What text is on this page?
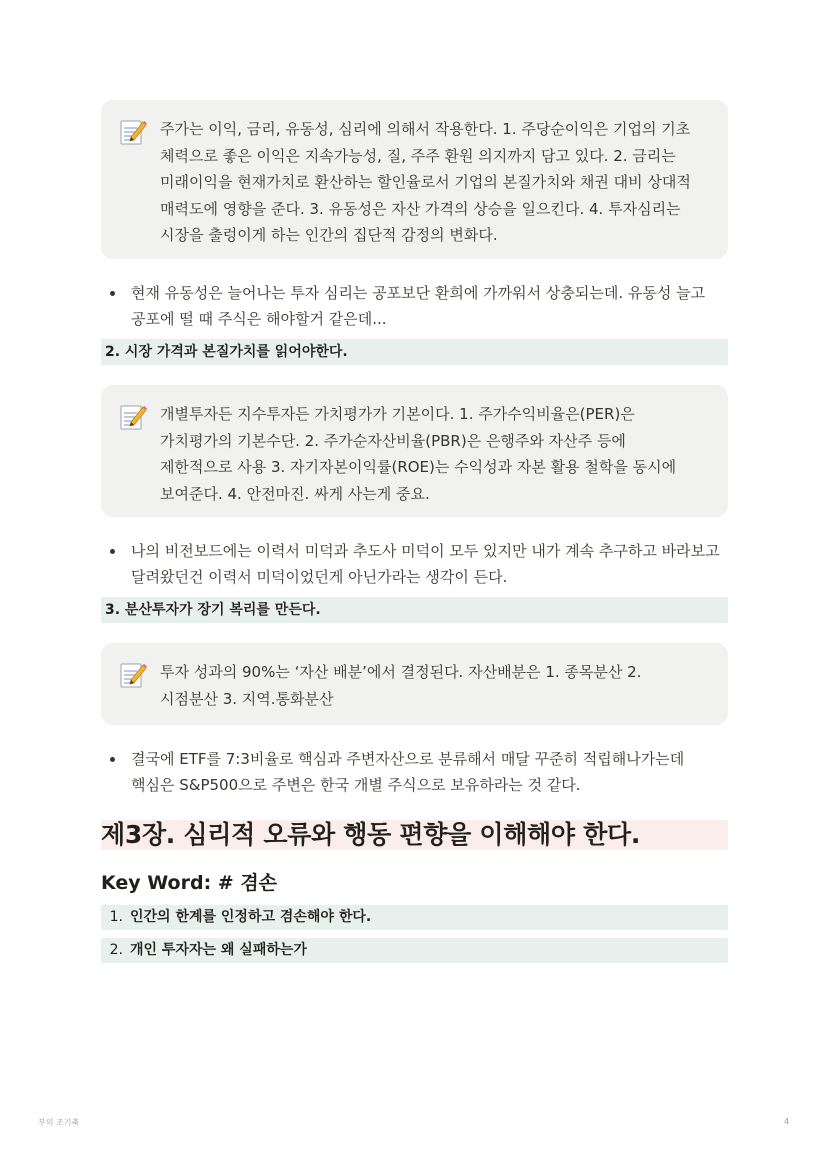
주가는 이익, 금리, 유동성, 심리에 의해서 작용한다. 1. 주당순이익은 기업의 기초 체력으로 좋은 이익은 지속가능성, 질, 주주 환원 의지까지 담고 있다. 2. 금리는 미래이익을 현재가치로 환산하는 할인율로서 기업의 본질가치와 채권 대비 상대적 매력도에 영향을 준다. 3. 유동성은 자산 가격의 상승을 일으킨다. 4. 투자심리는 시장을 출렁이게 하는 인간의 집단적 감정의 변화다.
현재 유동성은 늘어나는 투자 심리는 공포보단 환희에 가까워서 상충되는데. 유동성 늘고 공포에 떨 때 주식은 해야할거 같은데...
2. 시장 가격과 본질가치를 읽어야한다.
개별투자든 지수투자든 가치평가가 기본이다. 1. 주가수익비율은(PER)은 가치평가의 기본수단. 2. 주가순자산비율(PBR)은 은행주와 자산주 등에 제한적으로 사용 3. 자기자본이익률(ROE)는 수익성과 자본 활용 철학을 동시에 보여준다. 4. 안전마진. 싸게 사는게 중요.
나의 비전보드에는 이력서 미덕과 추도사 미덕이 모두 있지만 내가 계속 추구하고 바라보고 달려왔던건 이력서 미덕이었던게 아닌가라는 생각이 든다.
3. 분산투자가 장기 복리를 만든다.
투자 성과의 90%는 ‘자산 배분’에서 결정된다. 자산배분은 1. 종목분산 2. 시점분산 3. 지역.통화분산
결국에 ETF를 7:3비율로 핵심과 주변자산으로 분류해서 매달 꾸준히 적립해나가는데 핵심은 S&P500으로 주변은 한국 개별 주식으로 보유하라는 것 같다.
제3장. 심리적 오류와 행동 편향을 이해해야 한다.
Key Word: # 겸손
1. 인간의 한계를 인정하고 겸손해야 한다.
2. 개인 투자자는 왜 실패하는가
부의 조기축	4
